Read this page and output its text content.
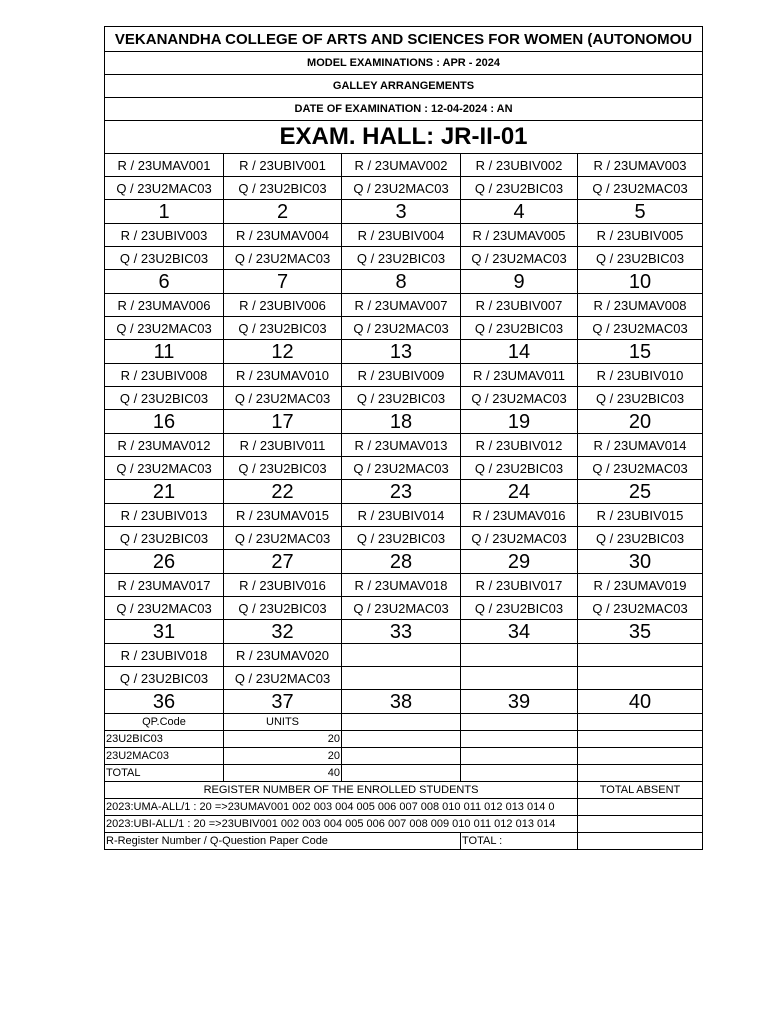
VEKANANDHA COLLEGE OF ARTS AND SCIENCES FOR WOMEN (AUTONOMOU				
MODEL EXAMINATIONS : APR - 2024				
GALLEY ARRANGEMENTS				
DATE OF EXAMINATION : 12-04-2024 : AN				
EXAM. HALL: JR-II-01				
R / 23UMAV001	R / 23UBIV001	R / 23UMAV002	R / 23UBIV002	R / 23UMAV003
Q / 23U2MAC03	Q / 23U2BIC03	Q / 23U2MAC03	Q / 23U2BIC03	Q / 23U2MAC03
1	2	3	4	5
R / 23UBIV003	R / 23UMAV004	R / 23UBIV004	R / 23UMAV005	R / 23UBIV005
Q / 23U2BIC03	Q / 23U2MAC03	Q / 23U2BIC03	Q / 23U2MAC03	Q / 23U2BIC03
6	7	8	9	10
R / 23UMAV006	R / 23UBIV006	R / 23UMAV007	R / 23UBIV007	R / 23UMAV008
Q / 23U2MAC03	Q / 23U2BIC03	Q / 23U2MAC03	Q / 23U2BIC03	Q / 23U2MAC03
11	12	13	14	15
R / 23UBIV008	R / 23UMAV010	R / 23UBIV009	R / 23UMAV011	R / 23UBIV010
Q / 23U2BIC03	Q / 23U2MAC03	Q / 23U2BIC03	Q / 23U2MAC03	Q / 23U2BIC03
16	17	18	19	20
R / 23UMAV012	R / 23UBIV011	R / 23UMAV013	R / 23UBIV012	R / 23UMAV014
Q / 23U2MAC03	Q / 23U2BIC03	Q / 23U2MAC03	Q / 23U2BIC03	Q / 23U2MAC03
21	22	23	24	25
R / 23UBIV013	R / 23UMAV015	R / 23UBIV014	R / 23UMAV016	R / 23UBIV015
Q / 23U2BIC03	Q / 23U2MAC03	Q / 23U2BIC03	Q / 23U2MAC03	Q / 23U2BIC03
26	27	28	29	30
R / 23UMAV017	R / 23UBIV016	R / 23UMAV018	R / 23UBIV017	R / 23UMAV019
Q / 23U2MAC03	Q / 23U2BIC03	Q / 23U2MAC03	Q / 23U2BIC03	Q / 23U2MAC03
31	32	33	34	35
R / 23UBIV018	R / 23UMAV020			
Q / 23U2BIC03	Q / 23U2MAC03			
36	37	38	39	40
QP.Code	UNITS			
23U2BIC03	20			
23U2MAC03	20			
TOTAL	40			
REGISTER NUMBER OF THE ENROLLED STUDENTS				TOTAL ABSENT
2023:UMA-ALL/1 : 20 =>23UMAV001 002 003 004 005 006 007 008 010 011 012 013 014 0				
2023:UBI-ALL/1 : 20 =>23UBIV001 002 003 004 005 006 007 008 009 010 011 012 013 014				
R-Register Number / Q-Question Paper Code			TOTAL :	
